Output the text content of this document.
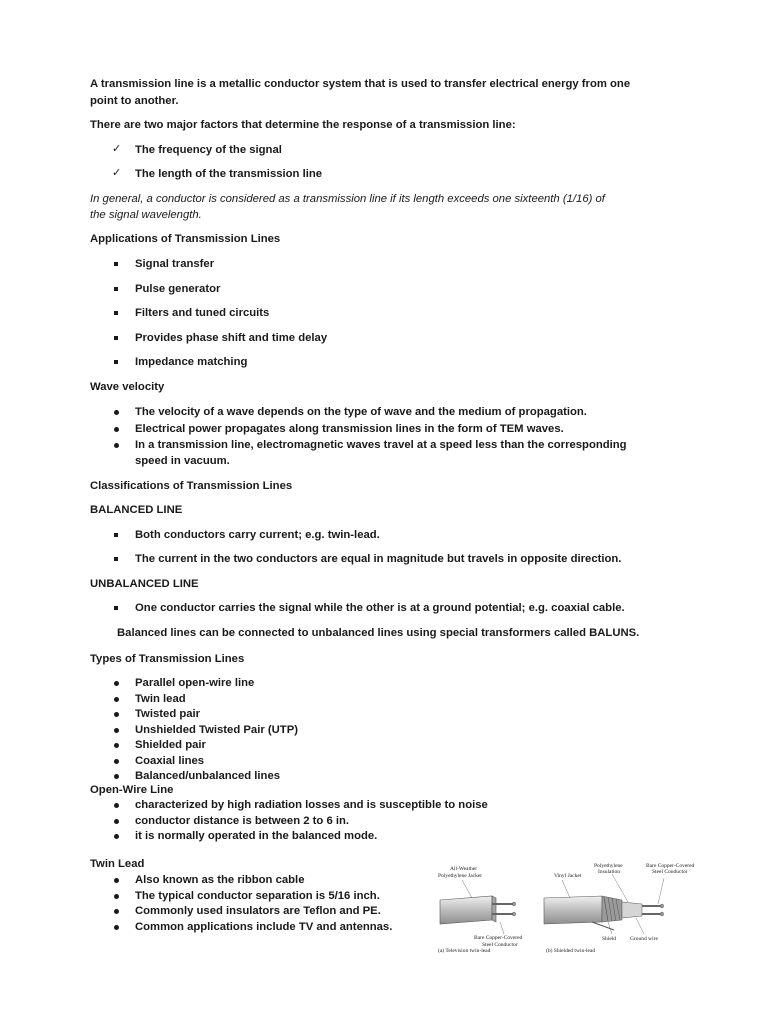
A transmission line is a metallic conductor system that is used to transfer electrical energy from one
point to another.
There are two major factors that determine the response of a transmission line:
✓ The frequency of the signal
✓ The length of the transmission line
In general, a conductor is considered as a transmission line if its length exceeds one sixteenth (1/16) of
the signal wavelength.
Applications of Transmission Lines
Signal transfer
Pulse generator
Filters and tuned circuits
Provides phase shift and time delay
Impedance matching
Wave velocity
The velocity of a wave depends on the type of wave and the medium of propagation.
Electrical power propagates along transmission lines in the form of TEM waves.
In a transmission line, electromagnetic waves travel at a speed less than the corresponding
speed in vacuum.
Classifications of Transmission Lines
BALANCED LINE
Both conductors carry current; e.g. twin-lead.
The current in the two conductors are equal in magnitude but travels in opposite direction.
UNBALANCED LINE
One conductor carries the signal while the other is at a ground potential; e.g. coaxial cable.
Balanced lines can be connected to unbalanced lines using special transformers called BALUNS.
Types of Transmission Lines
Parallel open-wire line
Twin lead
Twisted pair
Unshielded Twisted Pair (UTP)
Shielded pair
Coaxial lines
Balanced/unbalanced lines
Open-Wire Line
characterized by high radiation losses and is susceptible to noise
conductor distance is between 2 to 6 in.
it is normally operated in the balanced mode.
Twin Lead
Also known as the ribbon cable
The typical conductor separation is 5/16 inch.
Commonly used insulators are Teflon and PE.
Common applications include TV and antennas.
All-Weather
Polyethylene Jacket
Bare Copper-Covered
Steel Conductor
(a) Television twin-lead
Polyethylene
Insulation
Bare Copper-Covered
Steel Conductor
Vinyl Jacket
Shield	Ground wire
(b) Shielded twin-lead
